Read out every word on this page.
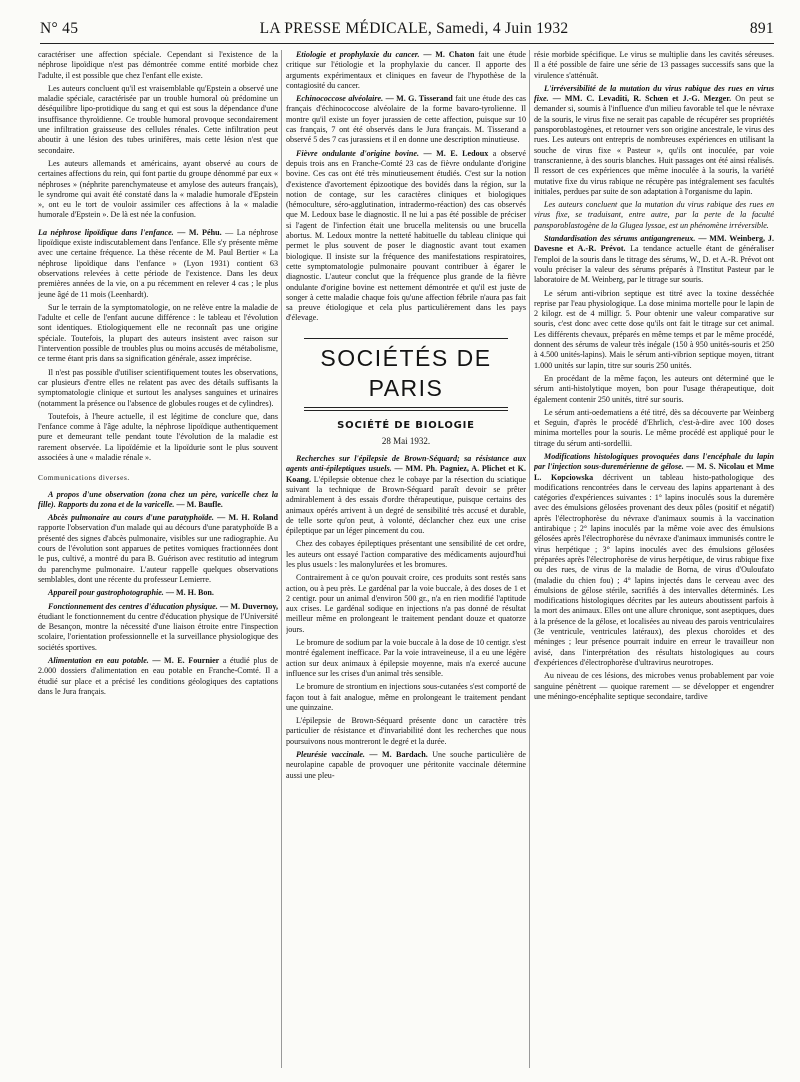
N° 45	LA PRESSE MÉDICALE, Samedi, 4 Juin 1932	891

caractériser une affection spéciale. Cependant si l'existence de la néphrose lipoïdique n'est pas démontrée comme entité morbide chez l'adulte, il est possible que chez l'enfant elle existe.

Les auteurs concluent qu'il est vraisemblable qu'Epstein a observé une maladie spéciale, caractérisée par un trouble humoral où prédomine un déséquilibre lipo-protidique du sang et qui est sous la dépendance d'une insuffisance thyroïdienne. Ce trouble humoral provoque secondairement une infiltration graisseuse des cellules rénales. Cette infiltration peut aboutir à une lésion des tubes urinifères, mais cette lésion n'est que secondaire.

Les auteurs allemands et américains, ayant observé au cours de certaines affections du rein, qui font partie du groupe dénommé par eux « néphroses » (néphrite parenchymateuse et amylose des auteurs français), le syndrome qui avait été constaté dans la « maladie humorale d'Epstein », ont eu le tort de vouloir assimiler ces affections à la « maladie humorale d'Epstein ». De là est née la confusion.

La néphrose lipoïdique dans l'enfance. — M. Péhu. — La néphrose lipoïdique existe indiscutablement dans l'enfance. Elle s'y présente même avec une certaine fréquence. La thèse récente de M. Paul Bertier « La néphrose lipoïdique dans l'enfance » (Lyon 1931) contient 63 observations relevées à cette période de l'existence. Dans les deux premières années de la vie, on a pu récemment en relever 4 cas ; le plus jeune âgé de 11 mois (Leenhardt).

Sur le terrain de la symptomatologie, on ne relève entre la maladie de l'adulte et celle de l'enfant aucune différence : le tableau et l'évolution sont identiques. Etiologiquement elle ne reconnaît pas une origine spéciale. Toutefois, la plupart des auteurs insistent avec raison sur l'intervention possible de troubles plus ou moins accusés de métabolisme, ce terme étant pris dans sa signification générale, assez imprécise.

Il n'est pas possible d'utiliser scientifiquement toutes les observations, car plusieurs d'entre elles ne relatent pas avec des détails suffisants la symptomatologie clinique et surtout les analyses sanguines et urinaires (notamment la présence ou l'absence de globules rouges et de cylindres).

Toutefois, à l'heure actuelle, il est légitime de conclure que, dans l'enfance comme à l'âge adulte, la néphrose lipoïdique authentiquement pure et demeurant telle pendant toute l'évolution de la maladie est rarement observée. La lipoïdémie et la lipoïdurie sont le plus souvent associées à une « maladie rénale ».

Communications diverses.

A propos d'une observation (zona chez un père, varicelle chez la fille). Rapports du zona et de la varicelle. — M. Baufle.

Abcès pulmonaire au cours d'une paratyphoïde. — M. H. Roland rapporte l'observation d'un malade qui au décours d'une paratyphoïde B a présenté des signes d'abcès pulmonaire, visibles sur une radiographie. Au cours de l'évolution sont apparues de petites vomiques fractionnées dont le pus, cultivé, a montré du para B. Guérison avec restitutio ad integrum du parenchyme pulmonaire. L'auteur rappelle quelques observations semblables, dont une récente du professeur Lemierre.

Appareil pour gastrophotographie. — M. H. Bon.

Fonctionnement des centres d'éducation physique. — M. Duvernoy, étudiant le fonctionnement du centre d'éducation physique de l'Université de Besançon, montre la nécessité d'une liaison étroite entre l'inspection scolaire, l'orientation professionnelle et la surveillance physiologique des sociétés sportives.

Alimentation en eau potable. — M. E. Fournier a étudié plus de 2.000 dossiers d'alimentation en eau potable en Franche-Comté. Il a étudié sur place et a précisé les conditions géologiques des captations dans le Jura français.

Etiologie et prophylaxie du cancer. — M. Chaton fait une étude critique sur l'étiologie et la prophylaxie du cancer. Il apporte des arguments expérimentaux et cliniques en faveur de l'hypothèse de la contagiosité du cancer.

Echinococcose alvéolaire. — M. G. Tisserand fait une étude des cas français d'échinococcose alvéolaire de la forme bavaro-tyrolienne. Il montre qu'il existe un foyer jurassien de cette affection, puisque sur 10 cas français, 7 ont été observés dans le Jura français. M. Tisserand a observé 5 des 7 cas jurassiens et il en donne une description minutieuse.

Fièvre ondulante d'origine bovine. — M. E. Ledoux a observé depuis trois ans en Franche-Comté 23 cas de fièvre ondulante d'origine bovine. Ces cas ont été très minutieusement étudiés. C'est sur la notion d'existence d'avortement épizootique des bovidés dans la région, sur la notion de contage, sur les caractères cliniques et biologiques (hémoculture, séro-agglutination, intradermo-réaction) des cas observés que M. Ledoux base le diagnostic. Il ne lui a pas été possible de préciser si l'agent de l'infection était une brucella melitensis ou une brucella abortus. M. Ledoux montre la netteté habituelle du tableau clinique qui permet le plus souvent de poser le diagnostic avant tout examen biologique. Il insiste sur la fréquence des manifestations respiratoires, cette symptomatologie pulmonaire pouvant contribuer à égarer le diagnostic. L'auteur conclut que la fréquence plus grande de la fièvre ondulante d'origine bovine est nettement démontrée et qu'il est juste de songer à cette maladie chaque fois qu'une affection fébrile n'aura pas fait sa preuve étiologique et cela plus particulièrement dans les pays d'élevage.

SOCIÉTÉS DE PARIS
SOCIÉTÉ DE BIOLOGIE
28 Mai 1932.

Recherches sur l'épilepsie de Brown-Séquard; sa résistance aux agents anti-épileptiques usuels. — MM. Ph. Pagniez, A. Plichet et K. Koang. L'épilepsie obtenue chez le cobaye par la résection du sciatique suivant la technique de Brown-Séquard paraît devoir se prêter admirablement à des essais d'ordre thérapeutique, puisque certains des animaux opérés arrivent à un degré de sensibilité très accusé et durable, de telle sorte qu'on peut, à volonté, déclancher chez eux une crise épileptique par un léger pincement du cou.

Chez des cobayes épileptiques présentant une sensibilité de cet ordre, les auteurs ont essayé l'action comparative des médicaments aujourd'hui les plus usuels : les malonylurées et les bromures.

Contrairement à ce qu'on pouvait croire, ces produits sont restés sans action, ou à peu près. Le gardénal par la voie buccale, à des doses de 1 et 2 centigr. pour un animal d'environ 500 gr., n'a en rien modifié l'aptitude aux crises. Le gardénal sodique en injections n'a pas donné de résultat meilleur même en prolongeant le traitement pendant douze et quatorze jours.

Le bromure de sodium par la voie buccale à la dose de 10 centigr. s'est montré également inefficace. Par la voie intraveineuse, il a eu une légère action sur deux animaux à épilepsie moyenne, mais n'a exercé aucune influence sur les crises d'un animal très sensible.

Le bromure de strontium en injections sous-cutanées s'est comporté de façon tout à fait analogue, même en prolongeant le traitement pendant une quinzaine.

L'épilepsie de Brown-Séquard présente donc un caractère très particulier de résistance et d'invariabilité dont les recherches que nous poursuivons nous montreront le degré et la durée.

Pleurésie vaccinale. — M. Bardach. Une souche particulière de neurolapine capable de provoquer une péritonite vaccinale détermine aussi une pleu-

résie morbide spécifique. Le virus se multiplie dans les cavités séreuses. Il a été possible de faire une série de 13 passages successifs sans que la virulence s'atténuât.

L'irréversibilité de la mutation du virus rabique des rues en virus fixe. — MM. C. Levaditi, R. Schœn et J.-G. Mezger. On peut se demander si, soumis à l'influence d'un milieu favorable tel que le névraxe de la souris, le virus fixe ne serait pas capable de récupérer ses propriétés pansporoblastogènes, et retourner vers son origine ancestrale, le virus des rues. Les auteurs ont entrepris de nombreuses expériences en utilisant la souche de virus fixe « Pasteur », qu'ils ont inoculée, par voie transcranienne, à des souris blanches. Huit passages ont été ainsi réalisés. Il ressort de ces expériences que même inoculée à la souris, la variété mutative fixe du virus rabique ne récupère pas intégralement ses facultés initiales, perdues par suite de son adaptation à l'organisme du lapin.

Les auteurs concluent que la mutation du virus rabique des rues en virus fixe, se traduisant, entre autre, par la perte de la faculté pansporoblastogène de la Glugea lyssae, est un phénomène irréversible.

Standardisation des sérums antigangreneux. — MM. Weinberg, J. Davesne et A.-R. Prévot. La tendance actuelle étant de généraliser l'emploi de la souris dans le titrage des sérums, W., D. et A.-R. Prévot ont voulu préciser la valeur des sérums préparés à l'Institut Pasteur par le laboratoire de M. Weinberg, par le titrage sur souris.

Le sérum anti-vibrion septique est titré avec la toxine desséchée reprise par l'eau physiologique. La dose minima mortelle pour le lapin de 2 kilogr. est de 4 milligr. 5. Pour obtenir une valeur comparative sur souris, c'est donc avec cette dose qu'ils ont fait le titrage sur cet animal. Les différents chevaux, préparés en même temps et par le même procédé, donnent des sérums de valeur très inégale (150 à 950 unités-souris et 250 à 4.500 unités-lapins). Mais le sérum anti-vibrion septique moyen, titrant 1.000 unités sur lapin, titre sur souris 250 unités.

En procédant de la même façon, les auteurs ont déterminé que le sérum anti-histolytique moyen, bon pour l'usage thérapeutique, doit également contenir 250 unités, titré sur souris.

Le sérum anti-oedematiens a été titré, dès sa découverte par Weinberg et Seguin, d'après le procédé d'Ehrlich, c'est-à-dire avec 100 doses minima mortelles pour la souris. Le même procédé est appliqué pour le titrage du sérum anti-sordellii.

Modifications histologiques provoquées dans l'encéphale du lapin par l'injection sous-duremérienne de gélose. — M. S. Nicolau et Mme L. Kopciowska décrivent un tableau histo-pathologique des modifications rencontrées dans le cerveau des lapins appartenant à des catégories d'expériences suivantes : 1° lapins inoculés sous la duremère avec des émulsions gélosées provenant des deux pôles (positif et négatif) après l'électrophorèse du névraxe d'animaux soumis à la vaccination antirabique ; 2° lapins inoculés par la même voie avec des émulsions gélosées après l'électrophorèse du névraxe d'animaux immunisés contre le virus herpétique ; 3° lapins inoculés avec des émulsions gélosées préparées après l'électrophorèse de virus herpétique, de virus rabique fixe ou des rues, de virus de la maladie de Borna, de virus d'Ouloufato (maladie du chien fou) ; 4° lapins injectés dans le cerveau avec des émulsions de gélose stérile, sacrifiés à des intervalles déterminés. Les modifications histologiques décrites par les auteurs aboutissent parfois à la mort des animaux. Elles ont une allure chronique, sont aseptiques, dues à la présence de la gélose, et localisées au niveau des parois ventriculaires (3e ventricule, ventricules latéraux), des plexus choroïdes et des méninges ; leur présence pourrait induire en erreur le travailleur non avisé, dans l'interprétation des résultats histologiques au cours d'expériences d'électrophorèse d'ultravirus neurotropes.

Au niveau de ces lésions, des microbes venus probablement par voie sanguine pénètrent — quoique rarement — se développer et engendrer une méningo-encéphalite septique secondaire, tardive
